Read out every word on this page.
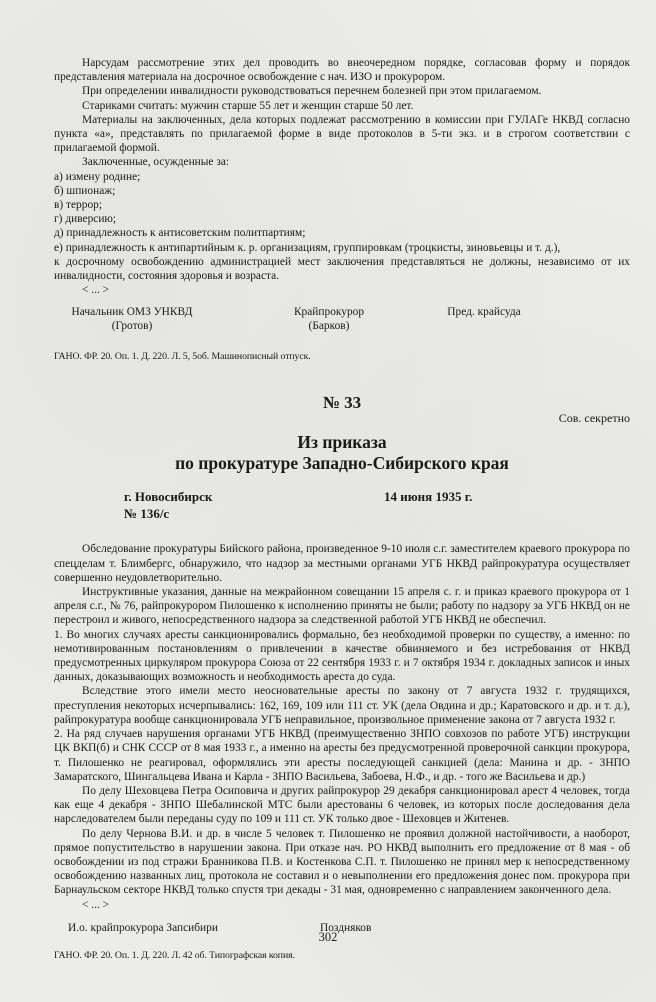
Нарсудам рассмотрение этих дел проводить во внеочередном порядке, согласовав форму и порядок представления материала на досрочное освобождение с нач. ИЗО и прокурором.

При определении инвалидности руководствоваться перечнем болезней при этом прилагаемом.

Стариками считать: мужчин старше 55 лет и женщин старше 50 лет.

Материалы на заключенных, дела которых подлежат рассмотрению в комиссии при ГУЛАГе НКВД согласно пункта «а», представлять по прилагаемой форме в виде протоколов в 5-ти экз. и в строгом соответствии с прилагаемой формой.

Заключенные, осужденные за:

а) измену родине;

б) шпионаж;

в) террор;

г) диверсию;

д) принадлежность к антисоветским политпартиям;

е) принадлежность к антипартийным к. р. организациям, группировкам (троцкисты, зиновьевцы и т. д.),

к досрочному освобождению администрацией мест заключения представляться не должны, независимо от их инвалидности, состояния здоровья и возраста.

< ... >

Начальник ОМЗ УНКВД
(Гротов)
Крайпрокурор
(Барков)
Пред. крайсуда

ГАНО. ФР. 20. Оп. 1. Д. 220. Л. 5, 5об. Машинописный отпуск.

№ 33
Сов. секретно
Из приказа
по прокуратуре Западно-Сибирского края
г. Новосибирск
№ 136/с
14 июня 1935 г.

Обследование прокуратуры Бийского района, произведенное 9-10 июля с.г. заместителем краевого прокурора по спецделам т. Блимбергс, обнаружило, что надзор за местными органами УГБ НКВД райпрокуратура осуществляет совершенно неудовлетворительно.

Инструктивные указания, данные на межрайонном совещании 15 апреля с. г. и приказ краевого прокурора от 1 апреля с.г., № 76, райпрокурором Пилошенко к исполнению приняты не были; работу по надзору за УГБ НКВД он не перестроил и живого, непосредственного надзора за следственной работой УГБ НКВД не обеспечил.

1. Во многих случаях аресты санкционировались формально, без необходимой проверки по существу, а именно: по немотивированным постановлениям о привлечении в качестве обвиняемого и без истребования от НКВД предусмотренных циркуляром прокурора Союза от 22 сентября 1933 г. и 7 октября 1934 г. докладных записок и иных данных, доказывающих возможность и необходимость ареста до суда.

Вследствие этого имели место неосновательные аресты по закону от 7 августа 1932 г. трудящихся, преступления некоторых исчерпывались: 162, 169, 109 или 111 ст. УК (дела Овдина и др.; Каратовского и др. и т. д.), райпрокуратура вообще санкционировала УГБ неправильное, произвольное применение закона от 7 августа 1932 г.

2. На ряд случаев нарушения органами УГБ НКВД (преимущественно ЗНПО совхозов по работе УГБ) инструкции ЦК ВКП(б) и СНК СССР от 8 мая 1933 г., а именно на аресты без предусмотренной проверочной санкции прокурора, т. Пилошенко не реагировал, оформлялись эти аресты последующей санкцией (дела: Манина и др. - ЗНПО Замаратского, Шингальцева Ивана и Карла - ЗНПО Васильева, Забоева, Н.Ф., и др. - того же Васильева и др.)

По делу Шеховцева Петра Осиповича и других райпрокурор 29 декабря санкционировал арест 4 человек, тогда как еще 4 декабря - ЗНПО Шебалинской МТС были арестованы 6 человек, из которых после доследования дела нарследователем были переданы суду по 109 и 111 ст. УК только двое - Шеховцев и Житенев.

По делу Чернова В.И. и др. в числе 5 человек т. Пилошенко не проявил должной настойчивости, а наоборот, прямое попустительство в нарушении закона. При отказе нач. РО НКВД выполнить его предложение от 8 мая - об освобождении из под стражи Бранникова П.В. и Костенкова С.П. т. Пилошенко не принял мер к непосредственному освобождению названных лиц, протокола не составил и о невыполнении его предложения донес пом. прокурора при Барнаульском секторе НКВД только спустя три декады - 31 мая, одновременно с направлением законченного дела.

< ... >

И.о. крайпрокурора Запсибири	Поздняков

ГАНО. ФР. 20. Оп. 1. Д. 220. Л. 42 об. Типографская копия.

302
